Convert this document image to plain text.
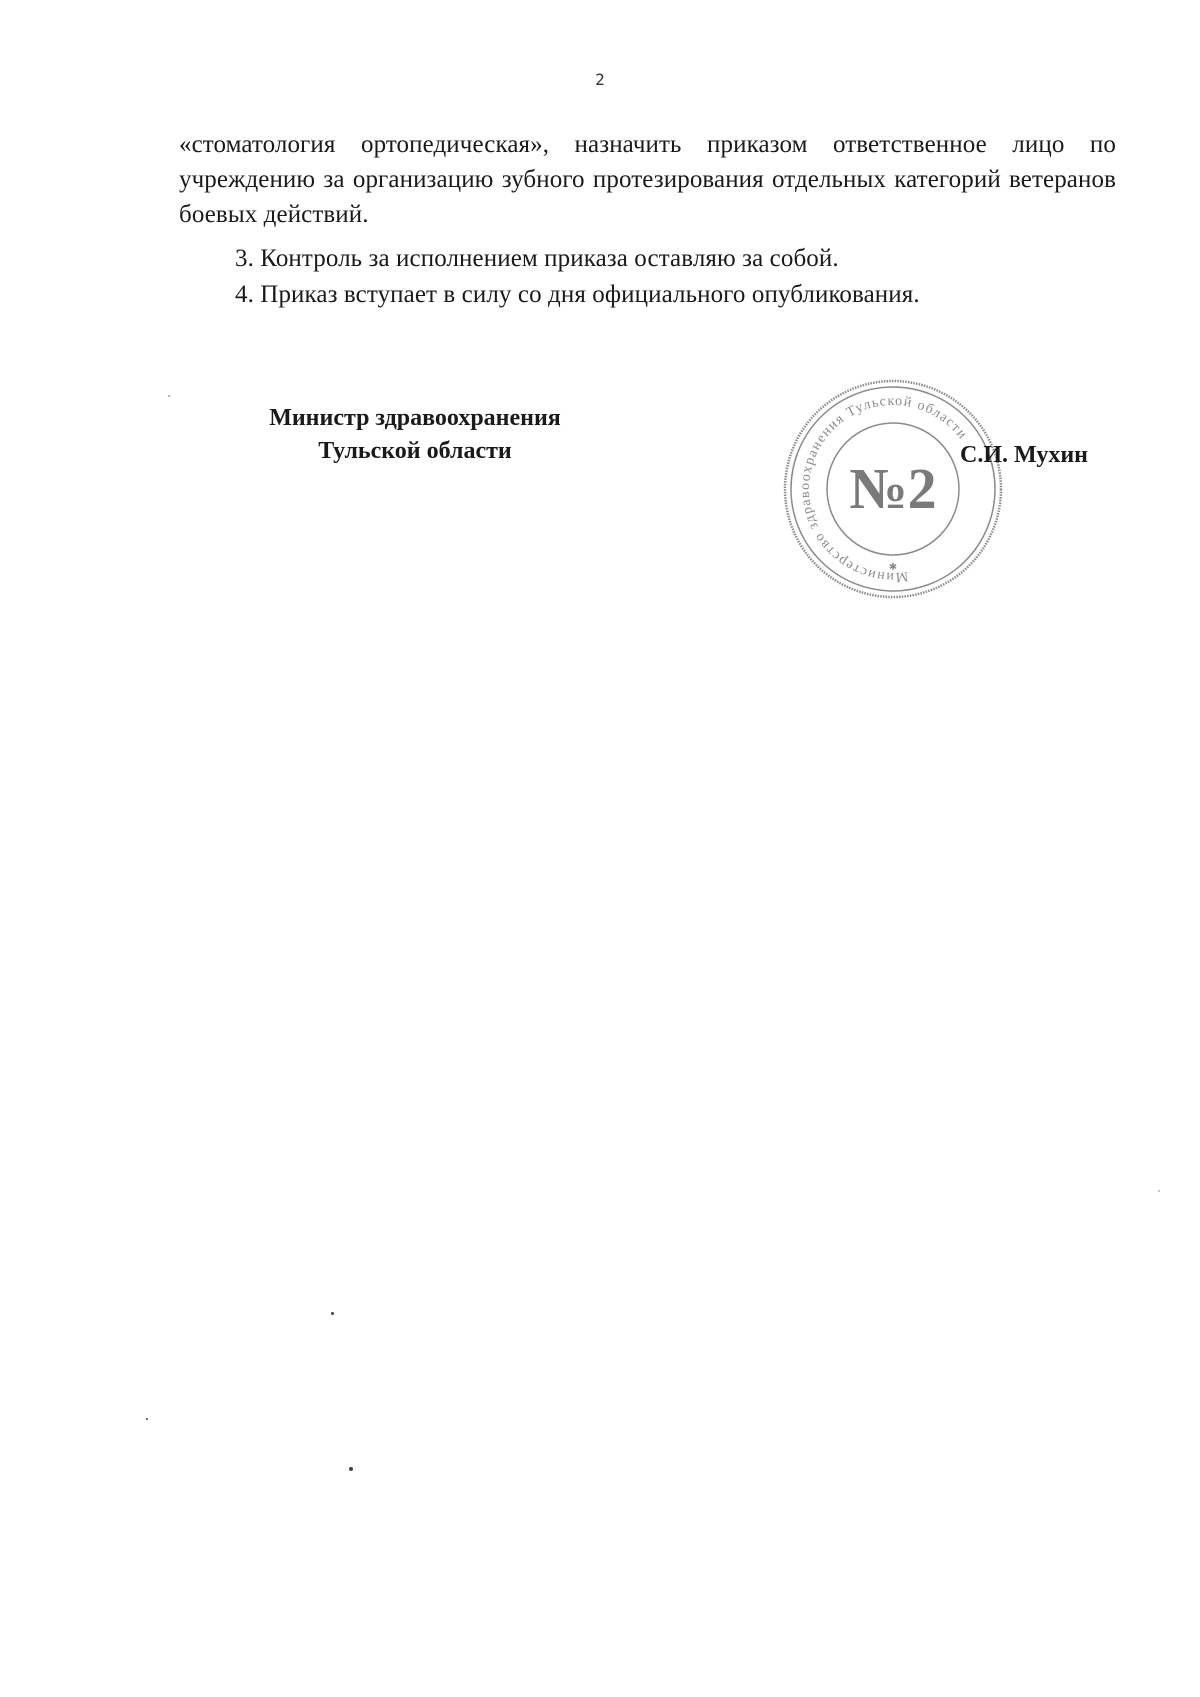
2
«стоматология ортопедическая», назначить приказом ответственное лицо по учреждению за организацию зубного протезирования отдельных категорий ветеранов боевых действий.
3. Контроль за исполнением приказа оставляю за собой.
4. Приказ вступает в силу со дня официального опубликования.
Министр здравоохранения
Тульской области
Министерство здравоохранения Тульской области
№2
✱
С.И. Мухин
